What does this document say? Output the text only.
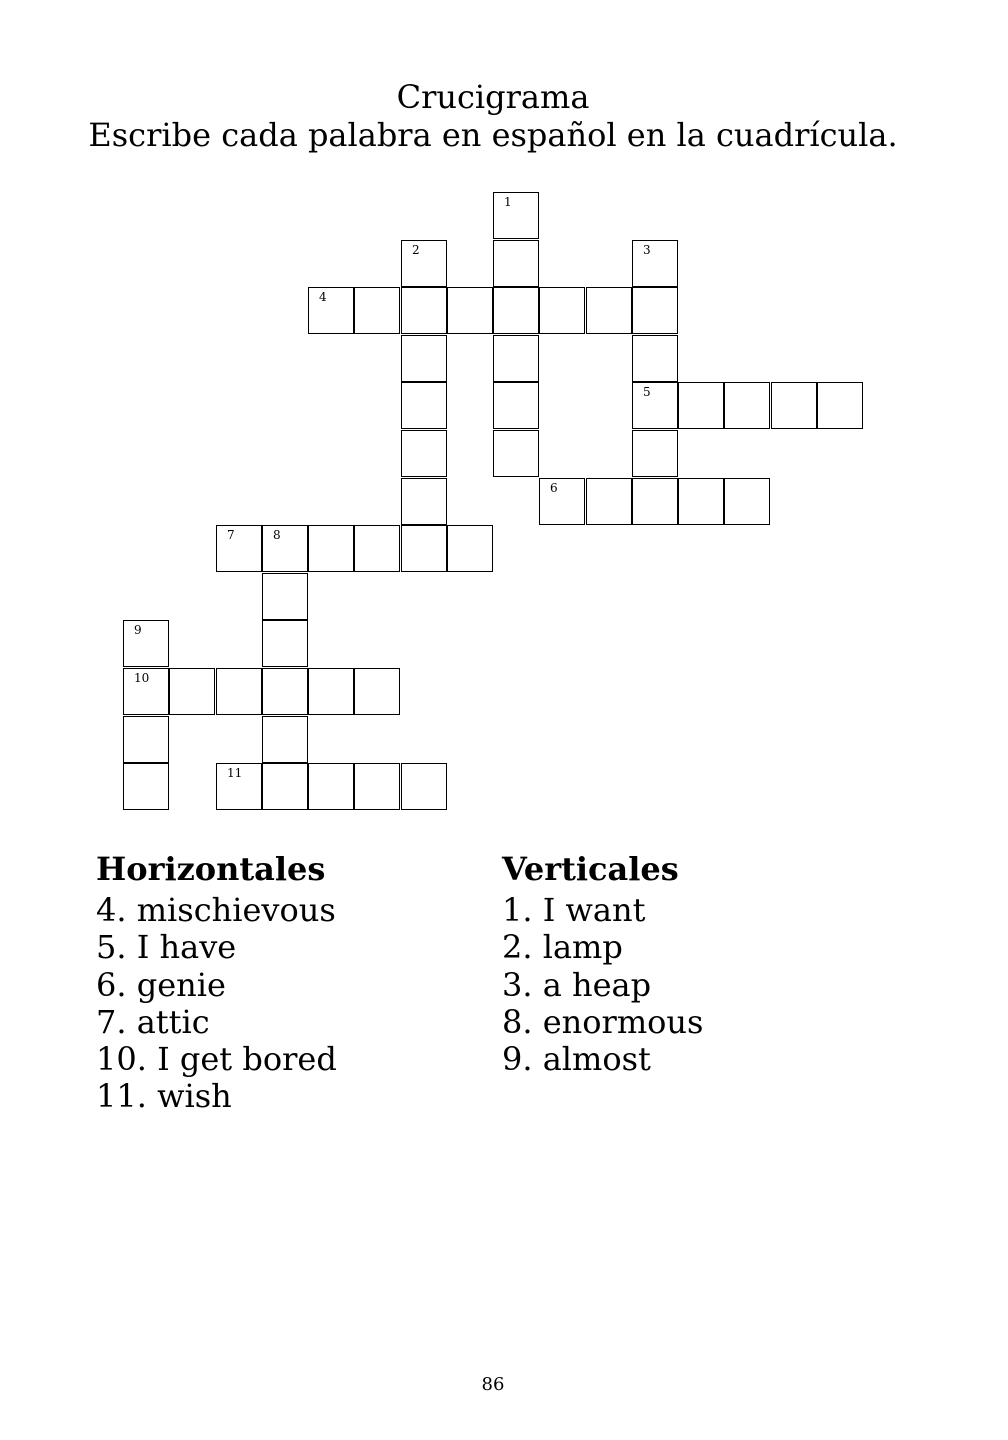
Crucigrama
Escribe cada palabra en español en la cuadrícula.
1
2	3
5
4
6
7	8
9
10
11
Horizontales
4. mischievous
5. I have
6. genie
7. attic
10. I get bored
11. wish
Verticales
1. I want
2. lamp
3. a heap
8. enormous
9. almost
86
